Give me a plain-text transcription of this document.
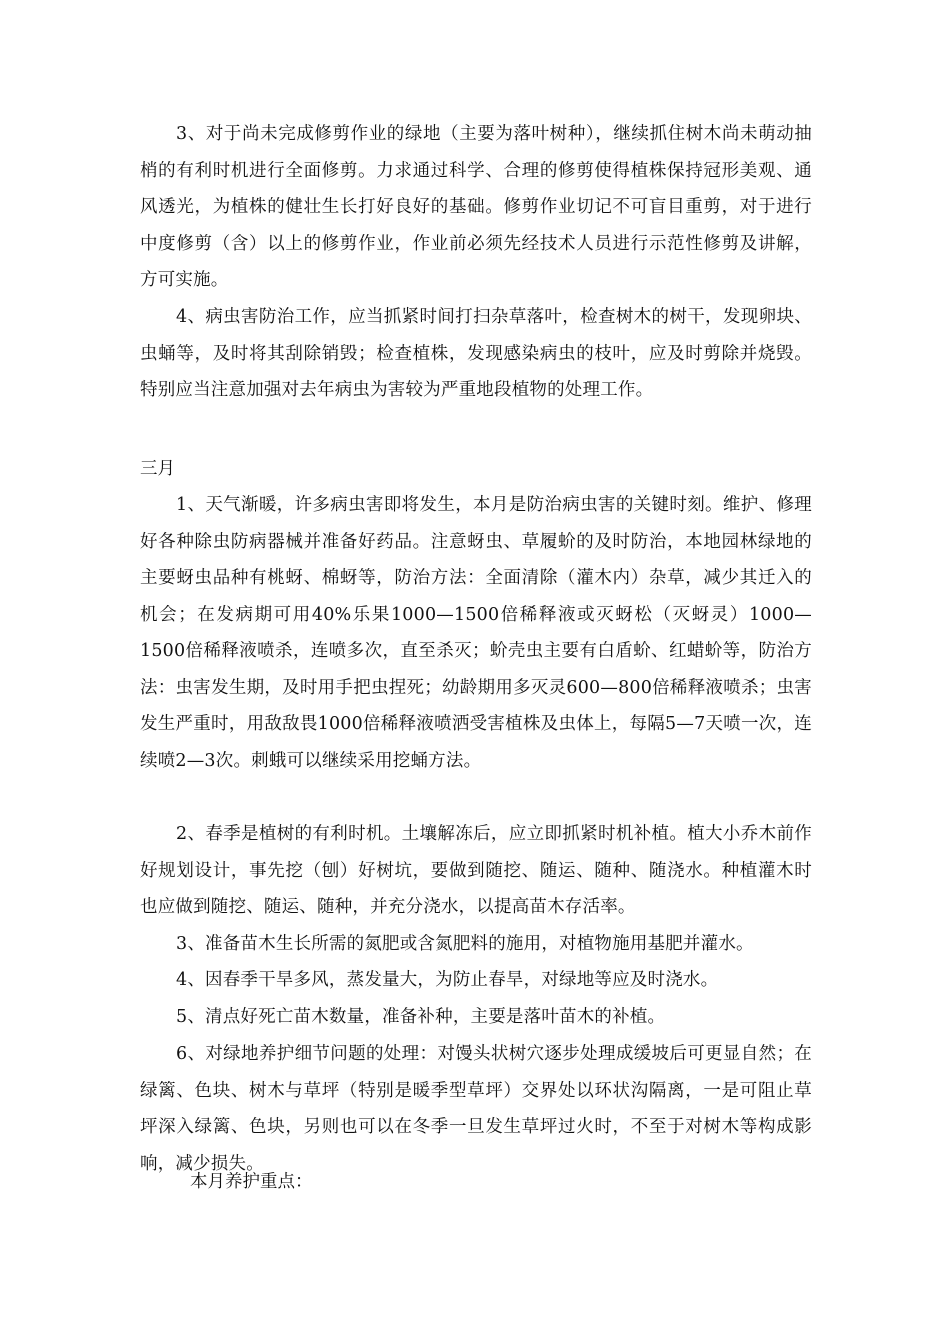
3、对于尚未完成修剪作业的绿地（主要为落叶树种），继续抓住树木尚未萌动抽梢的有利时机进行全面修剪。力求通过科学、合理的修剪使得植株保持冠形美观、通风透光，为植株的健壮生长打好良好的基础。修剪作业切记不可盲目重剪，对于进行中度修剪（含）以上的修剪作业，作业前必须先经技术人员进行示范性修剪及讲解，方可实施。

4、病虫害防治工作，应当抓紧时间打扫杂草落叶，检查树木的树干，发现卵块、虫蛹等，及时将其刮除销毁；检查植株，发现感染病虫的枝叶，应及时剪除并烧毁。特别应当注意加强对去年病虫为害较为严重地段植物的处理工作。

三月

1、天气渐暖，许多病虫害即将发生，本月是防治病虫害的关键时刻。维护、修理好各种除虫防病器械并准备好药品。注意蚜虫、草履蚧的及时防治，本地园林绿地的主要蚜虫品种有桃蚜、棉蚜等，防治方法：全面清除（灌木内）杂草，减少其迁入的机会；在发病期可用40%乐果1000—1500倍稀释液或灭蚜松（灭蚜灵）1000—1500倍稀释液喷杀，连喷多次，直至杀灭；蚧壳虫主要有白盾蚧、红蜡蚧等，防治方法：虫害发生期，及时用手把虫捏死；幼龄期用多灭灵600—800倍稀释液喷杀；虫害发生严重时，用敌敌畏1000倍稀释液喷洒受害植株及虫体上，每隔5—7天喷一次，连续喷2—3次。刺蛾可以继续采用挖蛹方法。

2、春季是植树的有利时机。土壤解冻后，应立即抓紧时机补植。植大小乔木前作好规划设计，事先挖（刨）好树坑，要做到随挖、随运、随种、随浇水。种植灌木时也应做到随挖、随运、随种，并充分浇水，以提高苗木存活率。

3、准备苗木生长所需的氮肥或含氮肥料的施用，对植物施用基肥并灌水。

4、因春季干旱多风，蒸发量大，为防止春旱，对绿地等应及时浇水。

5、清点好死亡苗木数量，准备补种，主要是落叶苗木的补植。

6、对绿地养护细节问题的处理：对馒头状树穴逐步处理成缓坡后可更显自然；在绿篱、色块、树木与草坪（特别是暖季型草坪）交界处以环状沟隔离，一是可阻止草坪深入绿篱、色块，另则也可以在冬季一旦发生草坪过火时，不至于对树木等构成影响，减少损失。

本月养护重点：
